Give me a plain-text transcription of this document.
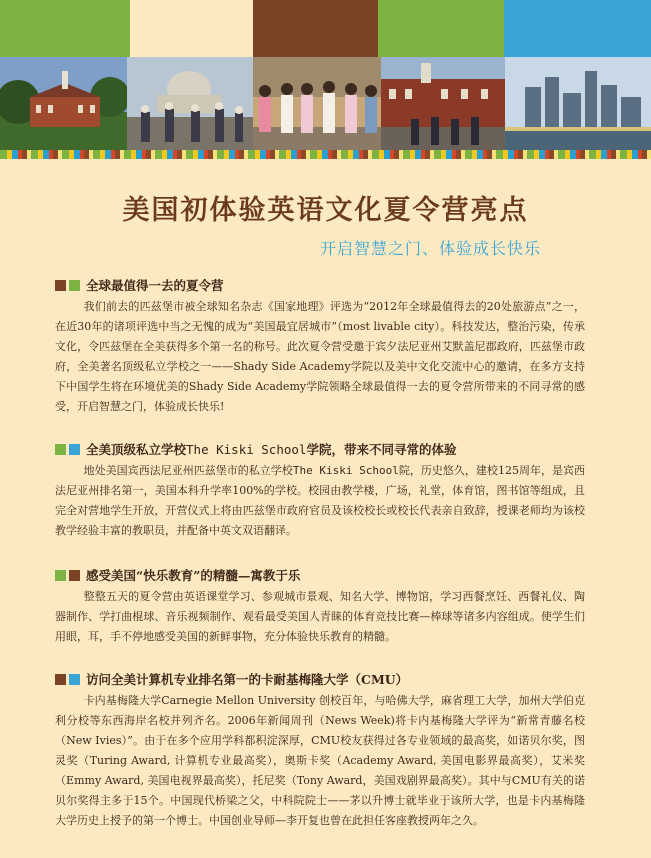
美国初体验英语文化夏令营亮点
开启智慧之门、体验成长快乐
全球最值得一去的夏令营

我们前去的匹兹堡市被全球知名杂志《国家地理》评选为“2012年全球最值得去的20处旅游点”之一，在近30年的诸项评选中当之无愧的成为“美国最宜居城市”（most livable city）。科技发达，整治污染，传承文化，令匹兹堡在全美获得多个第一名的称号。此次夏令营受邀于宾夕法尼亚州艾默盖尼郡政府，匹兹堡市政府，全美著名顶级私立学校之一——Shady Side Academy学院以及美中文化交流中心的邀请，在多方支持下中国学生将在环境优美的Shady Side Academy学院领略全球最值得一去的夏令营所带来的不同寻常的感受，开启智慧之门，体验成长快乐!

全美顶级私立学校The Kiski School学院，带来不同寻常的体验

地处美国宾西法尼亚州匹兹堡市的私立学校The Kiski School院，历史悠久，建校125周年，是宾西法尼亚州排名第一，美国本科升学率100%的学校。校园由教学楼，广场，礼堂，体育馆，图书馆等组成，且完全对营地学生开放，开营仪式上将由匹兹堡市政府官员及该校校长或校长代表亲自致辞，授课老师均为该校教学经验丰富的教职员，并配备中英文双语翻译。

感受美国“快乐教育”的精髓—寓教于乐

整整五天的夏令营由英语课堂学习、参观城市景观、知名大学、博物馆，学习西餐烹饪、西餐礼仪、陶器制作、学打曲棍球、音乐视频制作、观看最受美国人青睐的体育竞技比赛—棒球等诸多内容组成。使学生们用眼，耳，手不停地感受美国的新鲜事物，充分体验快乐教育的精髓。

访问全美计算机专业排名第一的卡耐基梅隆大学（CMU）

卡内基梅隆大学Carnegie Mellon University 创校百年，与哈佛大学，麻省理工大学，加州大学伯克利分校等东西海岸名校并列齐名。2006年新闻周刊（News Week)将卡内基梅隆大学评为“新常青藤名校（New Ivies）”。由于在多个应用学科都积淀深厚，CMU校友获得过各专业领域的最高奖，如诺贝尔奖，图灵奖（Turing Award, 计算机专业最高奖），奥斯卡奖（Academy Award, 美国电影界最高奖），艾米奖（Emmy Award, 美国电视界最高奖），托尼奖（Tony Award，美国戏剧界最高奖）。其中与CMU有关的诺贝尔奖得主多于15个。中国现代桥梁之父，中科院院士——茅以升博士就毕业于该所大学，也是卡内基梅隆大学历史上授予的第一个博士。中国创业导师—李开复也曾在此担任客座教授两年之久。
